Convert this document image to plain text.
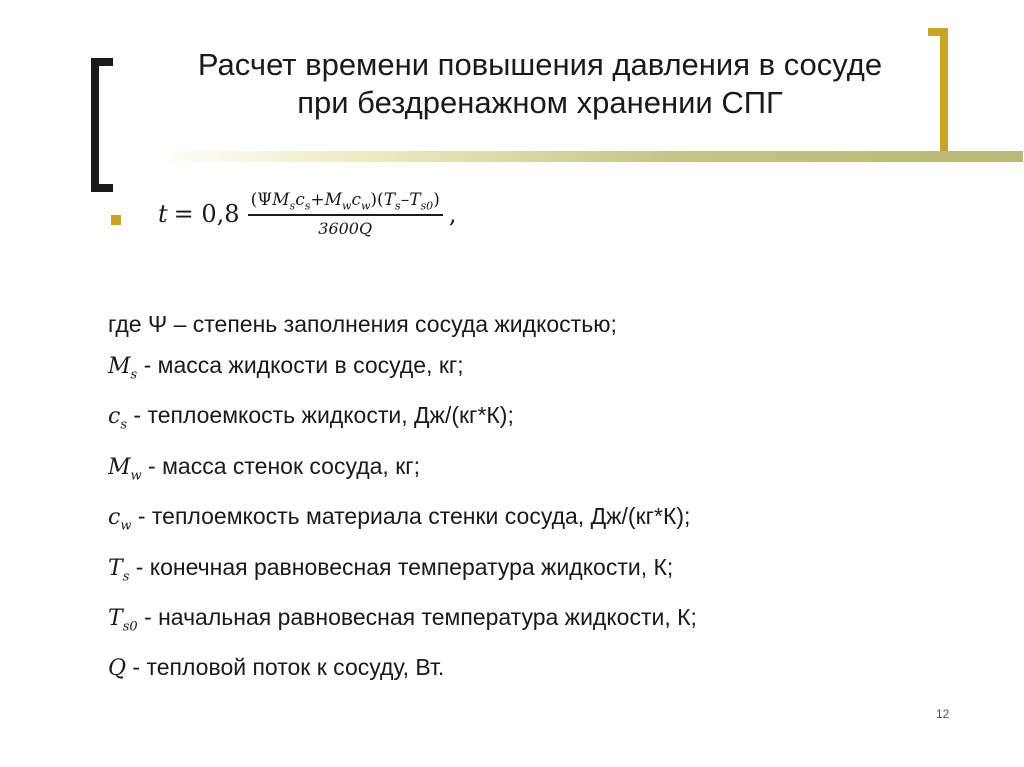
Расчет времени повышения давления в сосуде при бездренажном хранении СПГ
$t = 0,8 \frac{(\Psi M_sc_s+M_wc_w)(T_s-T_{s0})}{3600Q}$ ,
где Ψ – степень заполнения сосуда жидкостью;
$M_s$ - масса жидкости в сосуде, кг;
$c_s$ - теплоемкость жидкости, Дж/(кг*К);
$M_w$ - масса стенок сосуда, кг;
$c_w$ - теплоемкость материала стенки сосуда, Дж/(кг*К);
$T_s$ - конечная равновесная температура жидкости, К;
$T_{s0}$ - начальная равновесная температура жидкости, К;
Q - тепловой поток к сосуду, Вт.
12
